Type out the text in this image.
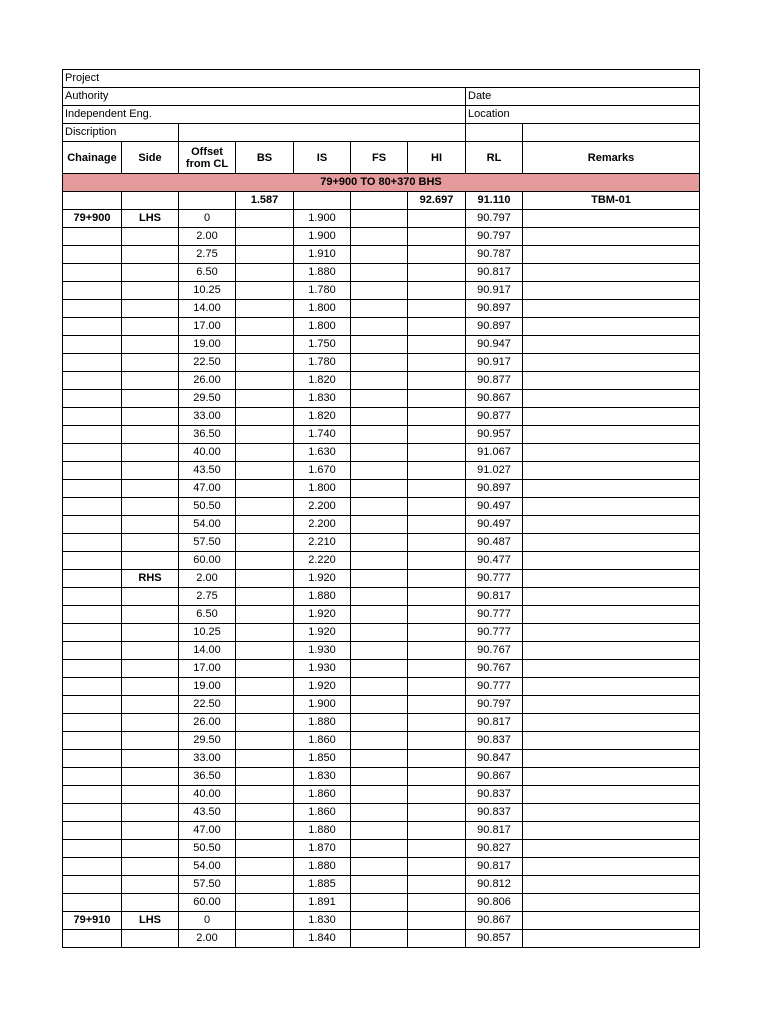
Project								
Authority							Date	
Independent Eng.							Location	
Discription								
Chainage	Side	Offset
from CL	BS	IS	FS	HI	RL	Remarks
79+900 TO 80+370 BHS								
			1.587			92.697	91.110	TBM-01
79+900	LHS	0		1.900			90.797	
		2.00		1.900			90.797	
		2.75		1.910			90.787	
		6.50		1.880			90.817	
		10.25		1.780			90.917	
		14.00		1.800			90.897	
		17.00		1.800			90.897	
		19.00		1.750			90.947	
		22.50		1.780			90.917	
		26.00		1.820			90.877	
		29.50		1.830			90.867	
		33.00		1.820			90.877	
		36.50		1.740			90.957	
		40.00		1.630			91.067	
		43.50		1.670			91.027	
		47.00		1.800			90.897	
		50.50		2.200			90.497	
		54.00		2.200			90.497	
		57.50		2.210			90.487	
		60.00		2.220			90.477	
	RHS	2.00		1.920			90.777	
		2.75		1.880			90.817	
		6.50		1.920			90.777	
		10.25		1.920			90.777	
		14.00		1.930			90.767	
		17.00		1.930			90.767	
		19.00		1.920			90.777	
		22.50		1.900			90.797	
		26.00		1.880			90.817	
		29.50		1.860			90.837	
		33.00		1.850			90.847	
		36.50		1.830			90.867	
		40.00		1.860			90.837	
		43.50		1.860			90.837	
		47.00		1.880			90.817	
		50.50		1.870			90.827	
		54.00		1.880			90.817	
		57.50		1.885			90.812	
		60.00		1.891			90.806	
79+910	LHS	0		1.830			90.867	
		2.00		1.840			90.857	
